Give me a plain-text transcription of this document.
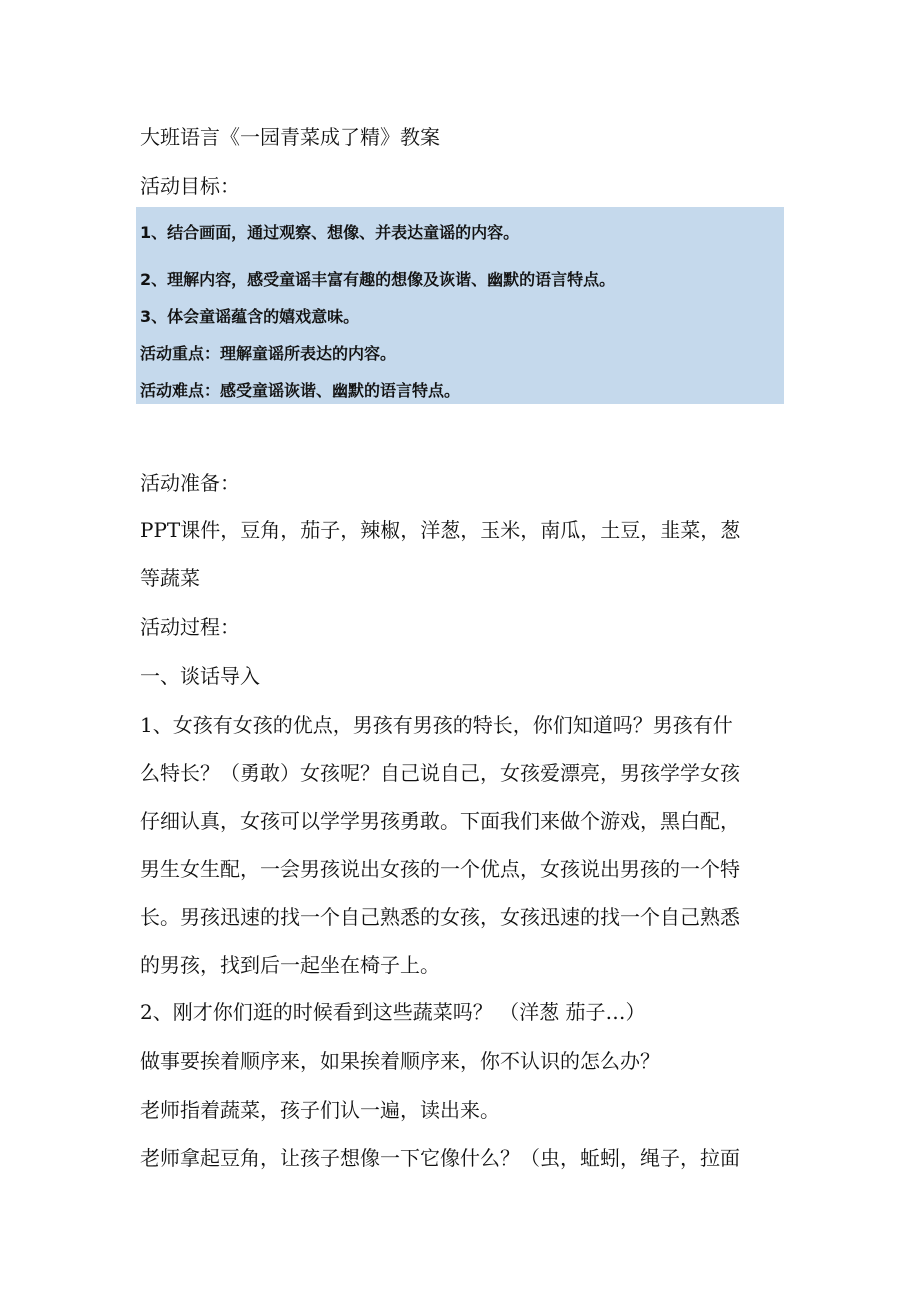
大班语言《一园青菜成了精》教案
活动目标：
1、结合画面，通过观察、想像、并表达童谣的内容。
2、理解内容，感受童谣丰富有趣的想像及诙谐、幽默的语言特点。
3、体会童谣蕴含的嬉戏意味。
活动重点：理解童谣所表达的内容。
活动难点：感受童谣诙谐、幽默的语言特点。
活动准备：
PPT课件，豆角，茄子，辣椒，洋葱，玉米，南瓜，土豆，韭菜，葱
等蔬菜
活动过程：
一、谈话导入
1、女孩有女孩的优点，男孩有男孩的特长，你们知道吗？男孩有什
么特长？（勇敢）女孩呢？自己说自己，女孩爱漂亮，男孩学学女孩
仔细认真，女孩可以学学男孩勇敢。下面我们来做个游戏，黑白配，
男生女生配，一会男孩说出女孩的一个优点，女孩说出男孩的一个特
长。男孩迅速的找一个自己熟悉的女孩，女孩迅速的找一个自己熟悉
的男孩，找到后一起坐在椅子上。
2、刚才你们逛的时候看到这些蔬菜吗？ （洋葱 茄子…）
做事要挨着顺序来，如果挨着顺序来，你不认识的怎么办？
老师指着蔬菜，孩子们认一遍，读出来。
老师拿起豆角，让孩子想像一下它像什么？（虫，蚯蚓，绳子，拉面
